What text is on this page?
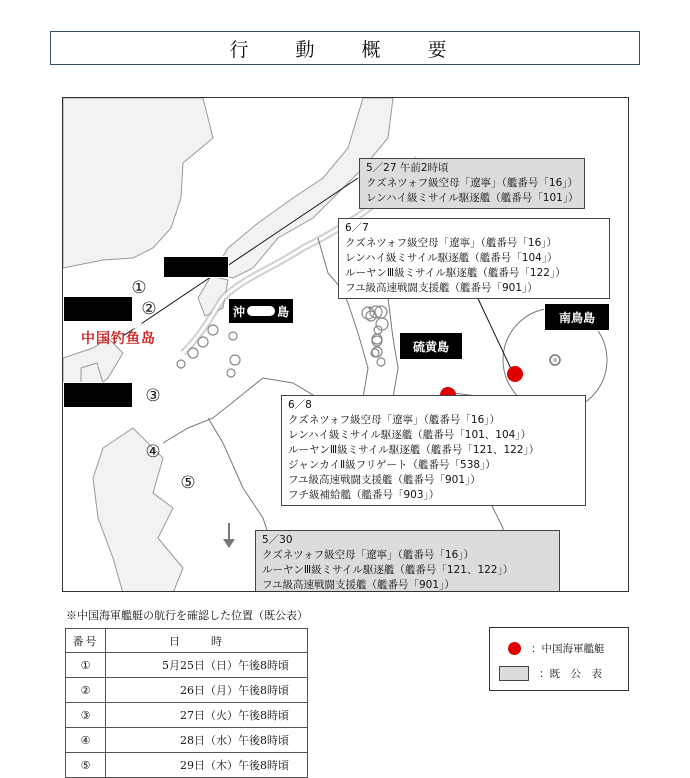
行　動　概　要
沖	島
硫黄島
南鳥島
中国钓鱼岛
①
②
③
④
⑤
5／27 午前2時頃
クズネツォフ級空母「遼寧」（艦番号「16」）
レンハイ級ミサイル駆逐艦（艦番号「101」）
6／7
クズネツォフ級空母「遼寧」（艦番号「16」）
レンハイ級ミサイル駆逐艦（艦番号「104」）
ルーヤンⅢ級ミサイル駆逐艦（艦番号「122」）
フユ級高速戦闘支援艦（艦番号「901」）
6／8
クズネツォフ級空母「遼寧」（艦番号「16」）
レンハイ級ミサイル駆逐艦（艦番号「101、104」）
ルーヤンⅢ級ミサイル駆逐艦（艦番号「121、122」）
ジャンカイⅡ級フリゲート（艦番号「538」）
フユ級高速戦闘支援艦（艦番号「901」）
フチ級補給艦（艦番号「903」）
5／30
クズネツォフ級空母「遼寧」（艦番号「16」）
ルーヤンⅢ級ミサイル駆逐艦（艦番号「121、122」）
フユ級高速戦闘支援艦（艦番号「901」）
※中国海軍艦艇の航行を確認した位置（既公表）
番号	日　時
①	5月25日（日）午後8時頃
②	26日（月）午後8時頃
③	27日（火）午後8時頃
④	28日（水）午後8時頃
⑤	29日（木）午後8時頃
：中国海軍艦艇
：既　公　表
